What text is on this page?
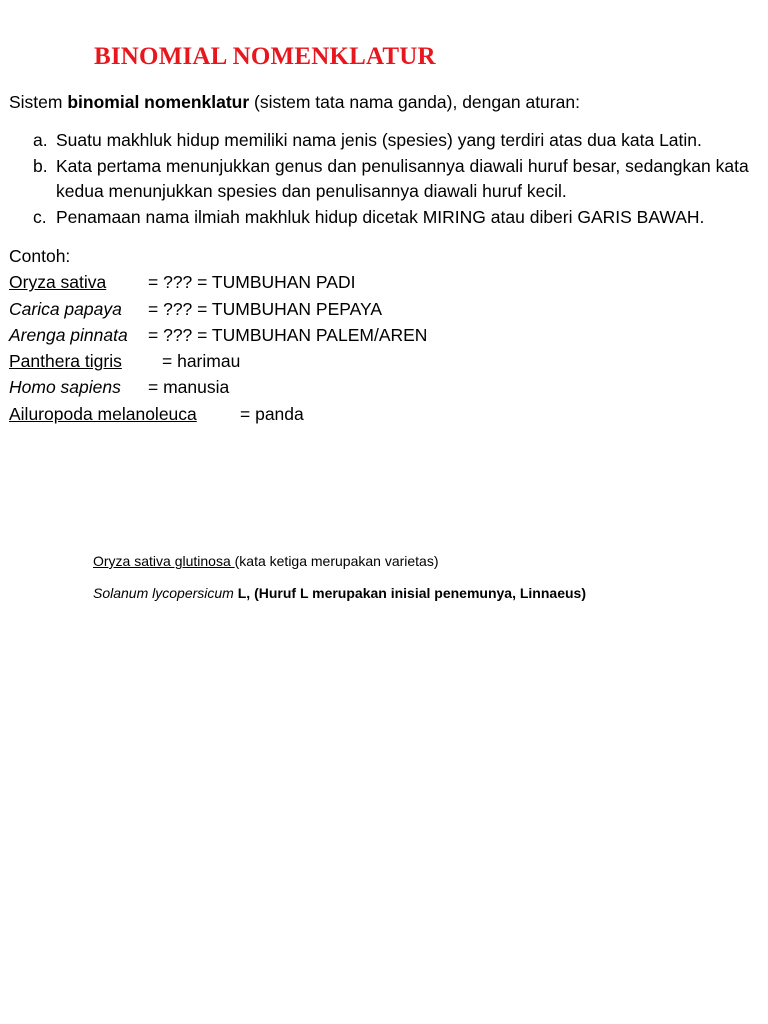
BINOMIAL NOMENKLATUR

Sistem binomial nomenklatur (sistem tata nama ganda), dengan aturan:

a. Suatu makhluk hidup memiliki nama jenis (spesies) yang terdiri atas dua kata Latin.
b. Kata pertama menunjukkan genus dan penulisannya diawali huruf besar, sedangkan kata kedua menunjukkan spesies dan penulisannya diawali huruf kecil.
c. Penamaan nama ilmiah makhluk hidup dicetak MIRING atau diberi GARIS BAWAH.
Contoh:
Oryza sativa = ??? = TUMBUHAN PADI
Carica papaya = ??? = TUMBUHAN PEPAYA
Arenga pinnata = ??? = TUMBUHAN PALEM/AREN
Panthera tigris = harimau
Homo sapiens = manusia
Ailuropoda melanoleuca = panda
Oryza sativa glutinosa (kata ketiga merupakan varietas)
Solanum lycopersicum L, (Huruf L merupakan inisial penemunya, Linnaeus)
